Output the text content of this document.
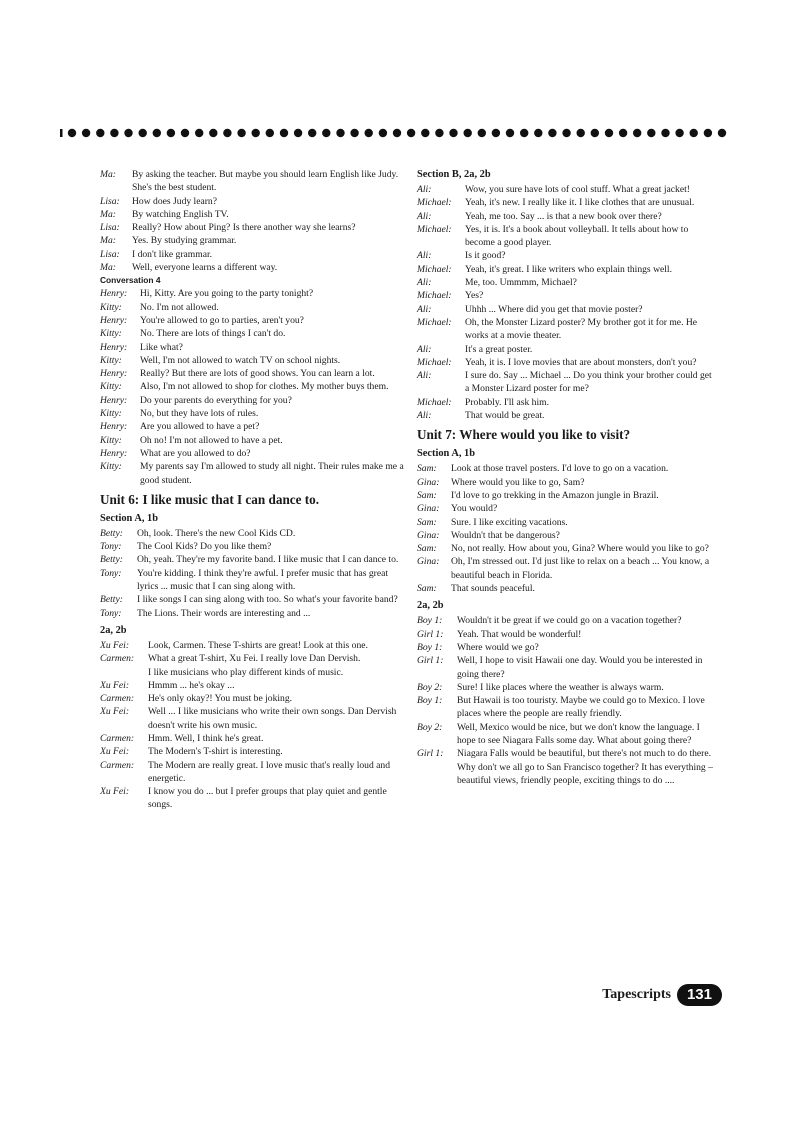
Ma:	By asking the teacher. But maybe you should learn English like Judy. She's the best student.
Lisa:	How does Judy learn?
Ma:	By watching English TV.
Lisa:	Really? How about Ping? Is there another way she learns?
Ma:	Yes. By studying grammar.
Lisa:	I don't like grammar.
Ma:	Well, everyone learns a different way.
Conversation 4
Henry:	Hi, Kitty. Are you going to the party tonight?
Kitty:	No. I'm not allowed.
Henry:	You're allowed to go to parties, aren't you?
Kitty:	No. There are lots of things I can't do.
Henry:	Like what?
Kitty:	Well, I'm not allowed to watch TV on school nights.
Henry:	Really? But there are lots of good shows. You can learn a lot.
Kitty:	Also, I'm not allowed to shop for clothes. My mother buys them.
Henry:	Do your parents do everything for you?
Kitty:	No, but they have lots of rules.
Henry:	Are you allowed to have a pet?
Kitty:	Oh no! I'm not allowed to have a pet.
Henry:	What are you allowed to do?
Kitty:	My parents say I'm allowed to study all night. Their rules make me a good student.
Unit 6: I like music that I can dance to.
Section A, 1b
Betty:	Oh, look. There's the new Cool Kids CD.
Tony:	The Cool Kids? Do you like them?
Betty:	Oh, yeah. They're my favorite band. I like music that I can dance to.
Tony:	You're kidding. I think they're awful. I prefer music that has great lyrics ... music that I can sing along with.
Betty:	I like songs I can sing along with too. So what's your favorite band?
Tony:	The Lions. Their words are interesting and ...
2a, 2b
Xu Fei:	Look, Carmen. These T-shirts are great! Look at this one.
Carmen:	What a great T-shirt, Xu Fei. I really love Dan Dervish.
I like musicians who play different kinds of music.
Xu Fei:	Hmmm ... he's okay ...
Carmen:	He's only okay?! You must be joking.
Xu Fei:	Well ... I like musicians who write their own songs. Dan Dervish doesn't write his own music.
Carmen:	Hmm. Well, I think he's great.
Xu Fei:	The Modern's T-shirt is interesting.
Carmen:	The Modern are really great. I love music that's really loud and energetic.
Xu Fei:	I know you do ... but I prefer groups that play quiet and gentle songs.
Section B, 2a, 2b
Ali:	Wow, you sure have lots of cool stuff. What a great jacket!
Michael:	Yeah, it's new. I really like it. I like clothes that are unusual.
Ali:	Yeah, me too. Say ... is that a new book over there?
Michael:	Yes, it is. It's a book about volleyball. It tells about how to become a good player.
Ali:	Is it good?
Michael:	Yeah, it's great. I like writers who explain things well.
Ali:	Me, too. Ummmm, Michael?
Michael:	Yes?
Ali:	Uhhh ... Where did you get that movie poster?
Michael:	Oh, the Monster Lizard poster? My brother got it for me. He works at a movie theater.
Ali:	It's a great poster.
Michael:	Yeah, it is. I love movies that are about monsters, don't you?
Ali:	I sure do. Say ... Michael ... Do you think your brother could get a Monster Lizard poster for me?
Michael:	Probably. I'll ask him.
Ali:	That would be great.
Unit 7: Where would you like to visit?
Section A, 1b
Sam:	Look at those travel posters. I'd love to go on a vacation.
Gina:	Where would you like to go, Sam?
Sam:	I'd love to go trekking in the Amazon jungle in Brazil.
Gina:	You would?
Sam:	Sure. I like exciting vacations.
Gina:	Wouldn't that be dangerous?
Sam:	No, not really. How about you, Gina? Where would you like to go?
Gina:	Oh, I'm stressed out. I'd just like to relax on a beach ... You know, a beautiful beach in Florida.
Sam:	That sounds peaceful.
2a, 2b
Boy 1:	Wouldn't it be great if we could go on a vacation together?
Girl 1:	Yeah. That would be wonderful!
Boy 1:	Where would we go?
Girl 1:	Well, I hope to visit Hawaii one day. Would you be interested in going there?
Boy 2:	Sure! I like places where the weather is always warm.
Boy 1:	But Hawaii is too touristy. Maybe we could go to Mexico. I love places where the people are really friendly.
Boy 2:	Well, Mexico would be nice, but we don't know the language. I hope to see Niagara Falls some day. What about going there?
Girl 1:	Niagara Falls would be beautiful, but there's not much to do there. Why don't we all go to San Francisco together? It has everything – beautiful views, friendly people, exciting things to do ....
Tapescripts	131
